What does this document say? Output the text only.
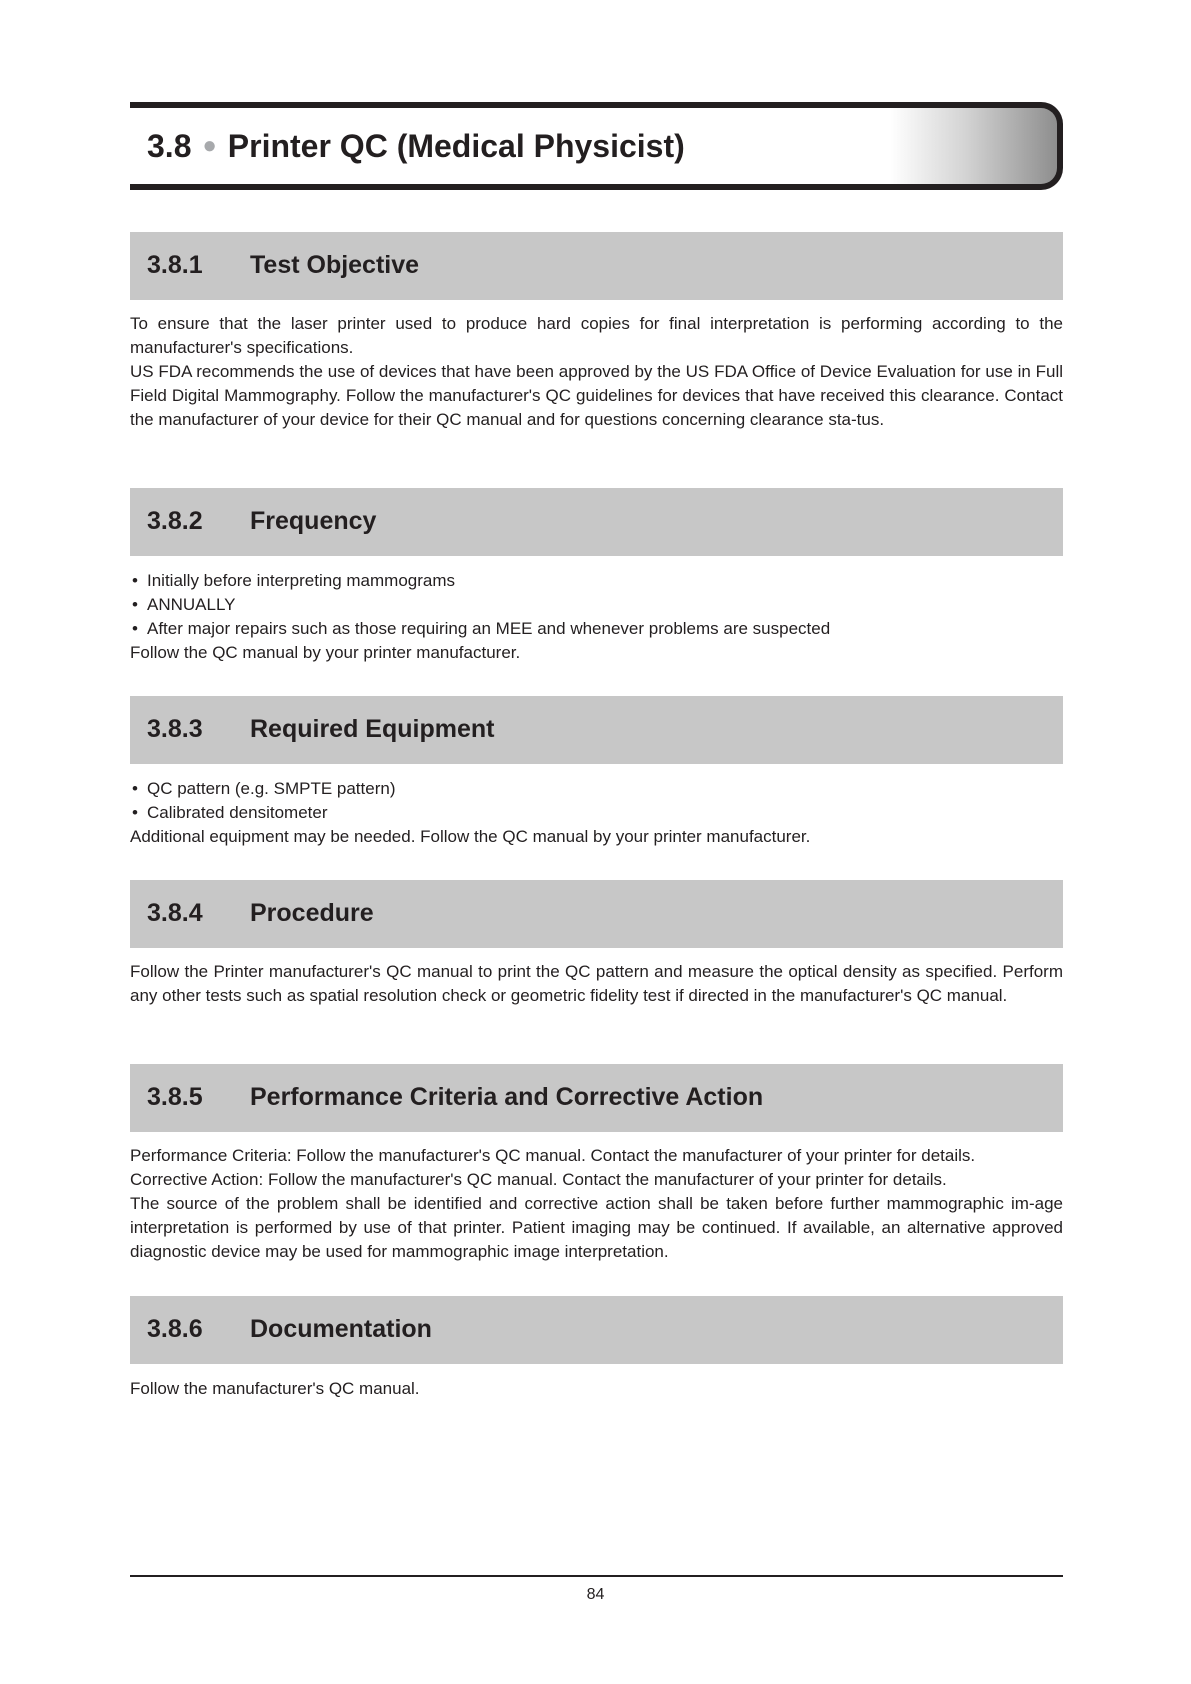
3.8 ● Printer QC (Medical Physicist)
3.8.1 Test Objective

To ensure that the laser printer used to produce hard copies for final interpretation is performing according to the manufacturer's specifications.

US FDA recommends the use of devices that have been approved by the US FDA Office of Device Evaluation for use in Full Field Digital Mammography. Follow the manufacturer's QC guidelines for devices that have received this clearance. Contact the manufacturer of your device for their QC manual and for questions concerning clearance sta-tus.

3.8.2 Frequency
• Initially before interpreting mammograms
• ANNUALLY
• After major repairs such as those requiring an MEE and whenever problems are suspected

Follow the QC manual by your printer manufacturer.

3.8.3 Required Equipment
• QC pattern (e.g. SMPTE pattern)
• Calibrated densitometer

Additional equipment may be needed. Follow the QC manual by your printer manufacturer.

3.8.4 Procedure

Follow the Printer manufacturer's QC manual to print the QC pattern and measure the optical density as specified. Perform any other tests such as spatial resolution check or geometric fidelity test if directed in the manufacturer's QC manual.

3.8.5 Performance Criteria and Corrective Action

Performance Criteria: Follow the manufacturer's QC manual. Contact the manufacturer of your printer for details.

Corrective Action: Follow the manufacturer's QC manual. Contact the manufacturer of your printer for details.

The source of the problem shall be identified and corrective action shall be taken before further mammographic im-age interpretation is performed by use of that printer. Patient imaging may be continued. If available, an alternative approved diagnostic device may be used for mammographic image interpretation.

3.8.6 Documentation

Follow the manufacturer's QC manual.

84
